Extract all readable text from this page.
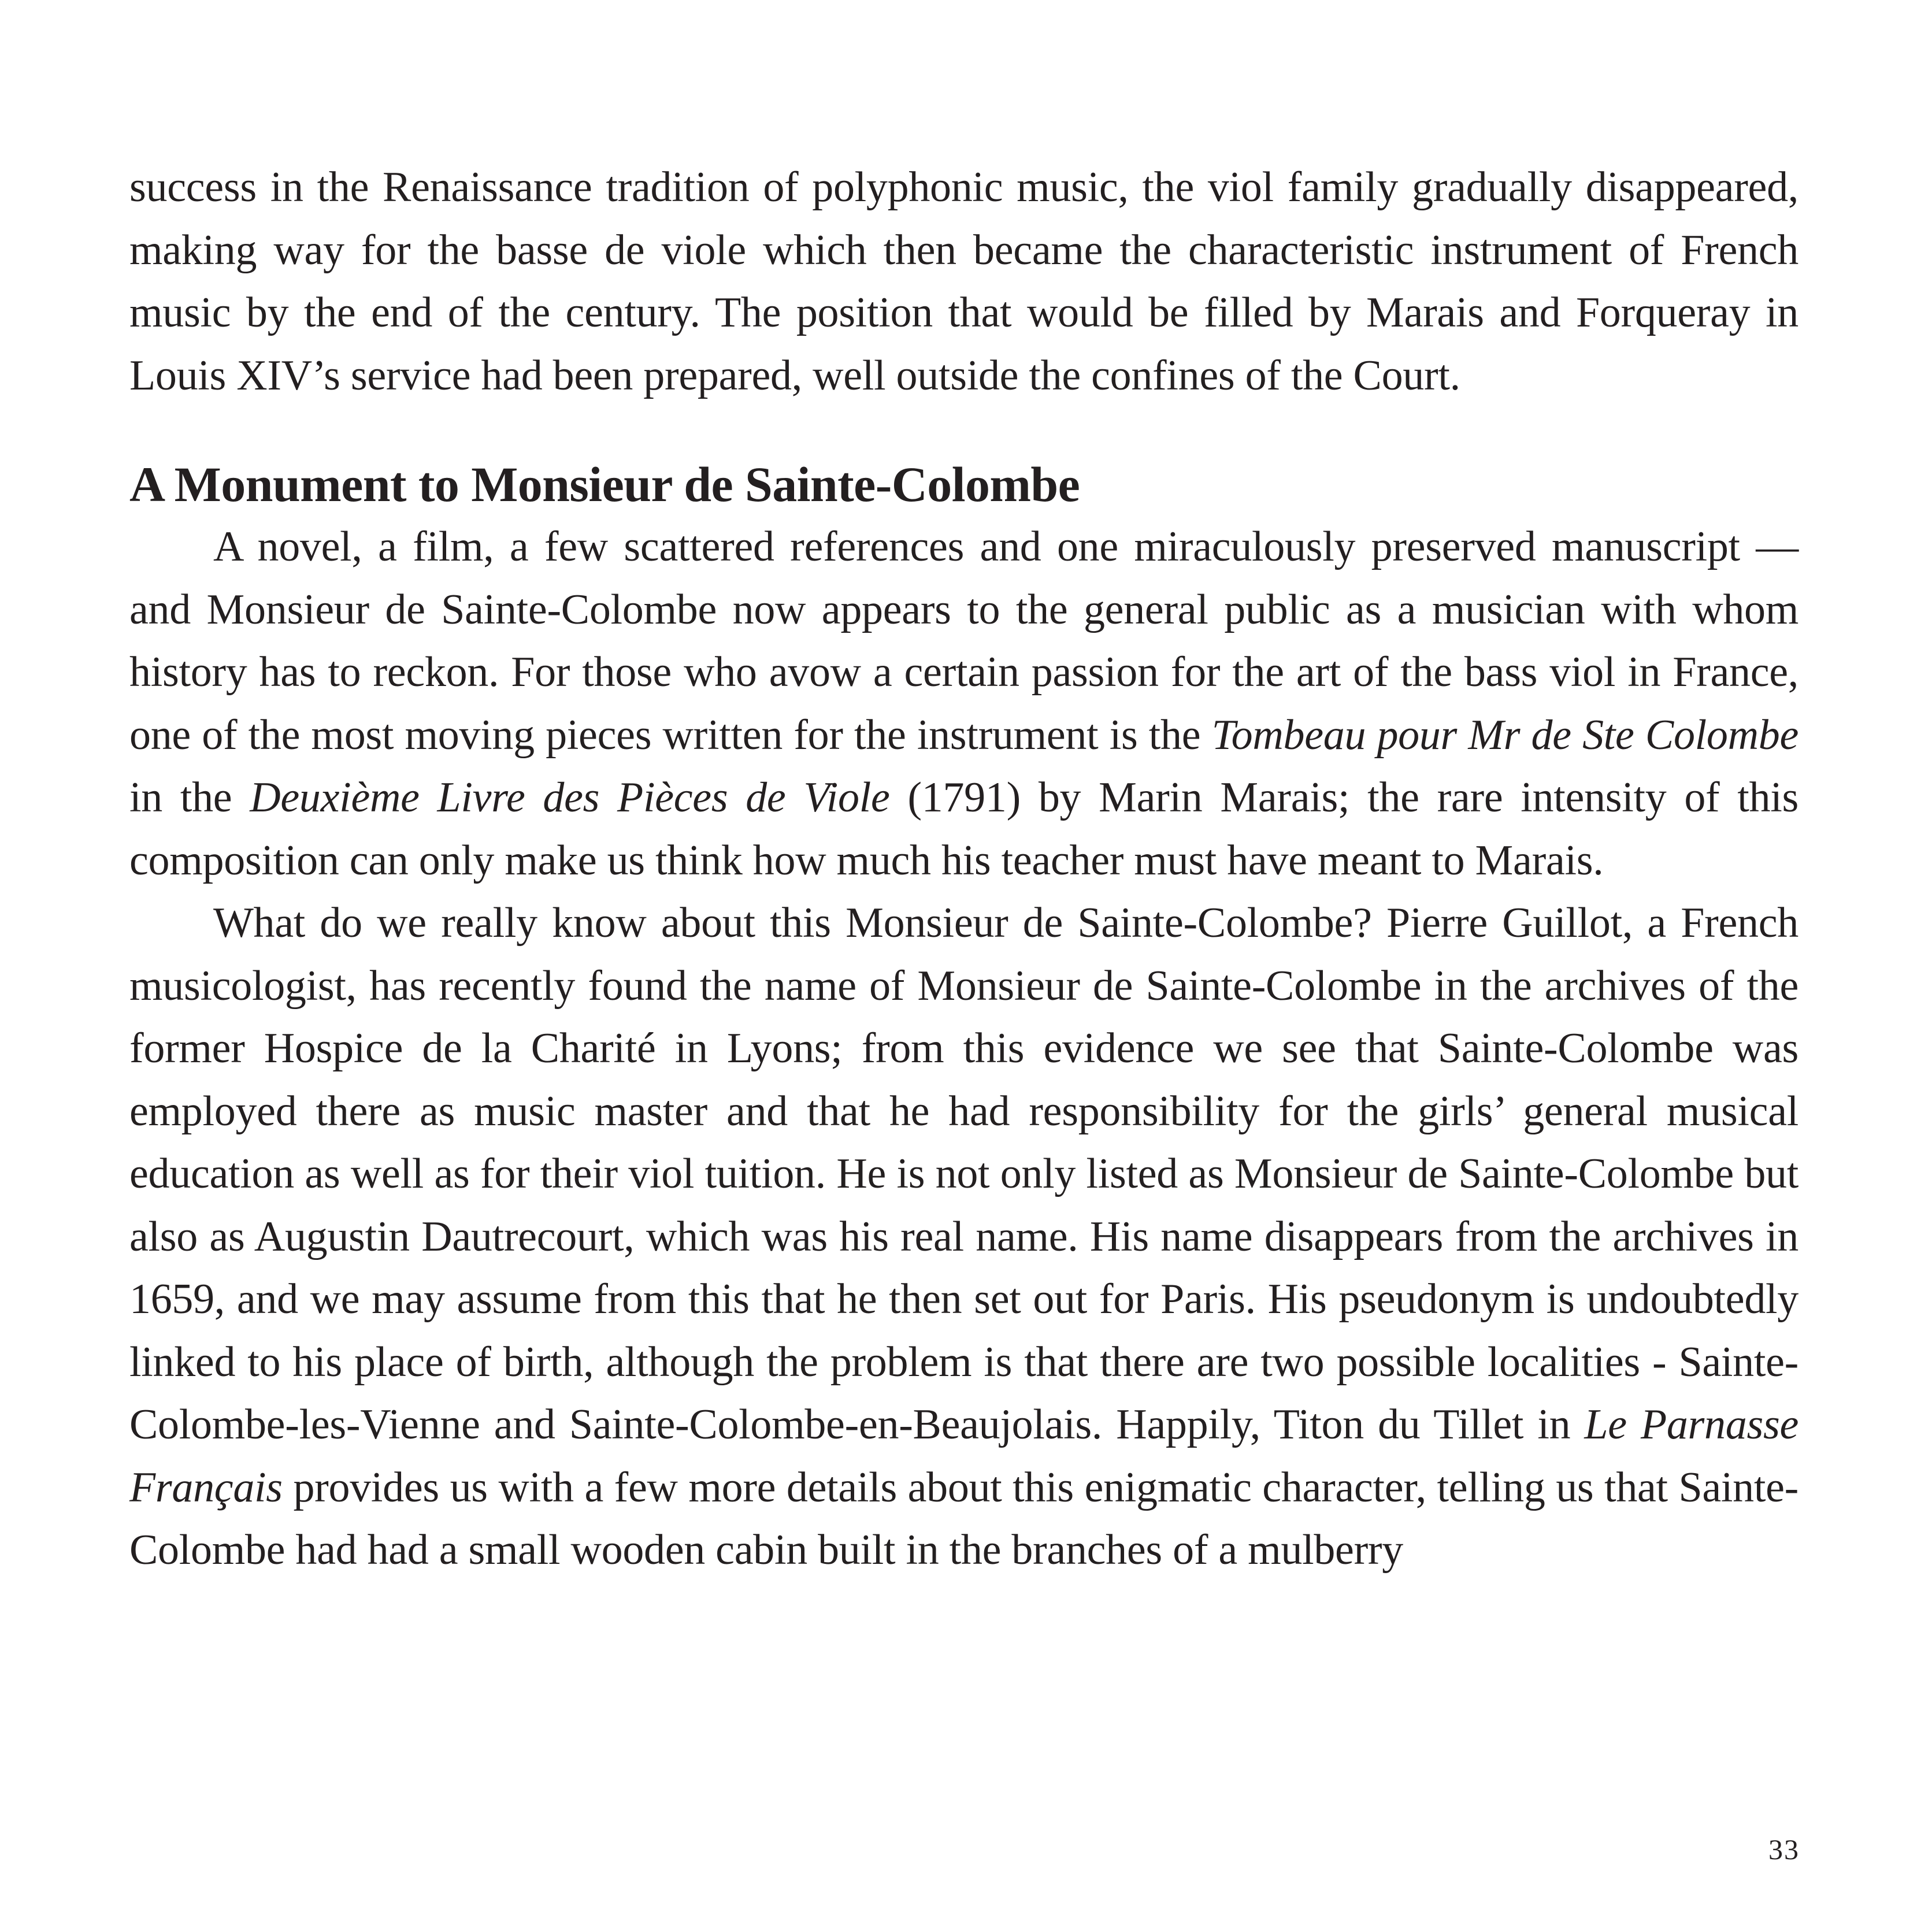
success in the Renaissance tradition of polyphonic music, the viol family gradually disappeared, making way for the basse de viole which then became the characteristic instrument of French music by the end of the century. The position that would be filled by Marais and Forqueray in Louis XIV’s service had been prepared, well outside the confines of the Court.

A Monument to Monsieur de Sainte-Colombe

A novel, a film, a few scattered references and one miraculously preserved manuscript — and Monsieur de Sainte-Colombe now appears to the general public as a musician with whom history has to reckon. For those who avow a certain passion for the art of the bass viol in France, one of the most moving pieces written for the instrument is the Tombeau pour Mr de Ste Colombe in the Deuxième Livre des Pièces de Viole (1791) by Marin Marais; the rare intensity of this composition can only make us think how much his teacher must have meant to Marais.

What do we really know about this Monsieur de Sainte-Colombe? Pierre Guillot, a French musicologist, has recently found the name of Monsieur de Sainte-Colombe in the archives of the former Hospice de la Charité in Lyons; from this evidence we see that Sainte-Colombe was employed there as music master and that he had responsibility for the girls’ general musical education as well as for their viol tuition. He is not only listed as Monsieur de Sainte-Colombe but also as Augustin Dautrecourt, which was his real name. His name disappears from the archives in 1659, and we may assume from this that he then set out for Paris. His pseudonym is undoubtedly linked to his place of birth, although the problem is that there are two possible localities - Sainte-Colombe-les-Vienne and Sainte-Colombe-en-Beaujolais. Happily, Titon du Tillet in Le Parnasse Français provides us with a few more details about this enigmatic character, telling us that Sainte-Colombe had had a small wooden cabin built in the branches of a mulberry

33
